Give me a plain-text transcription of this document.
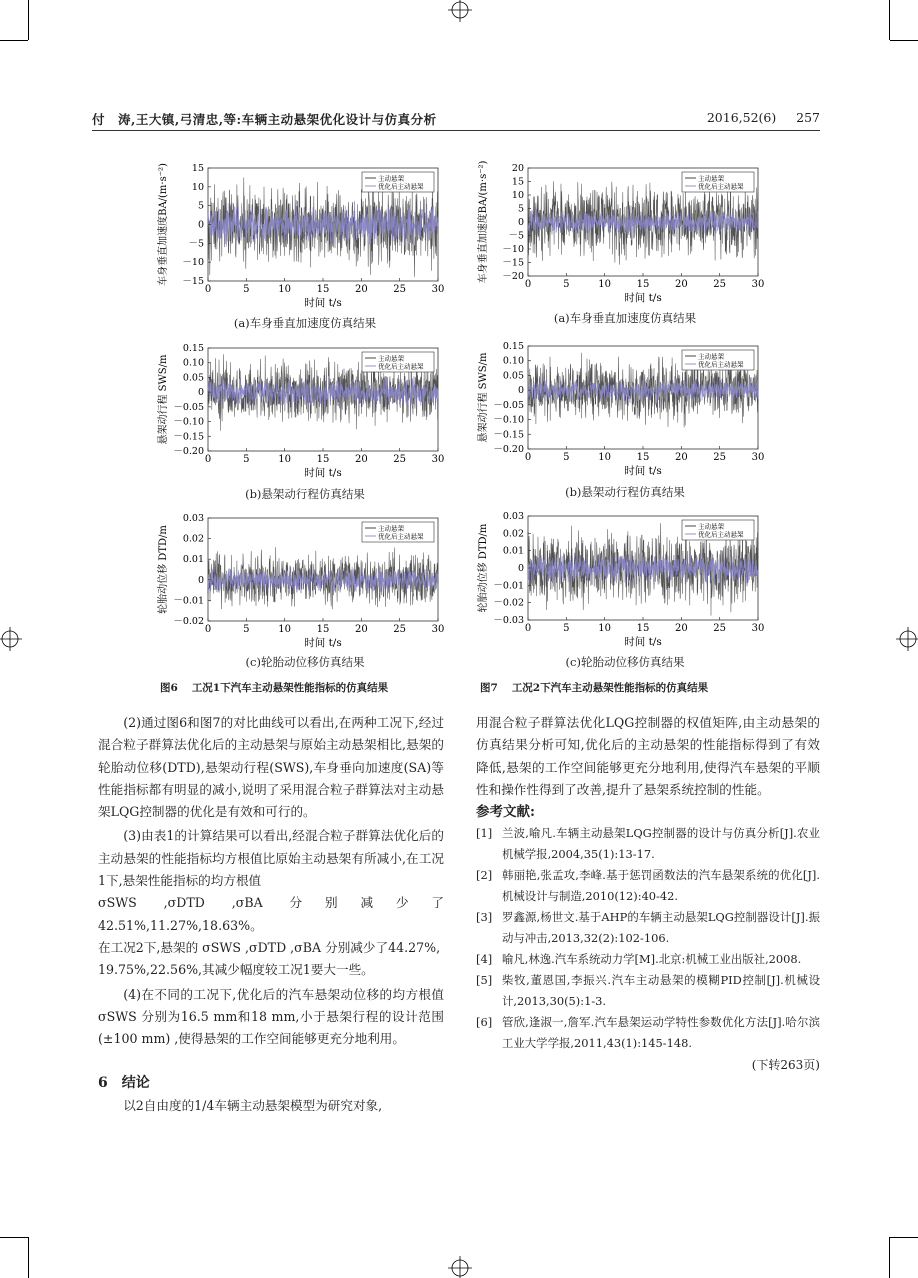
付　涛,王大镇,弓清忠,等:车辆主动悬架优化设计与仿真分析	2016,52(6) 257
0	5	10	15	20	25	30
15
10
5
0
－5
－10
－15
时间 t/s
车身垂直加速度BA/(m·s⁻²)	主动悬架
优化后主动悬架
(a)车身垂直加速度仿真结果
0	5	10	15	20	25	30
0.15
0.10
0.05
0
－0.05
－0.10
－0.15
－0.20
时间 t/s
悬架动行程 SWS/m	主动悬架
优化后主动悬架
(b)悬架动行程仿真结果
0	5	10	15	20	25	30
0.03
0.02
0.01
0
－0.01
－0.02
时间 t/s
轮胎动位移 DTD/m	主动悬架
优化后主动悬架
(c)轮胎动位移仿真结果
图6 工况1下汽车主动悬架性能指标的仿真结果
0	5	10	15	20	25	30
20
15
10
5
0
－5
－10
－15
－20
时间 t/s
车身垂直加速度BA/(m·s⁻²)	主动悬架
优化后主动悬架
(a)车身垂直加速度仿真结果
0	5	10	15	20	25	30
0.15
0.10
0.05
0
－0.05
－0.10
－0.15
－0.20
时间 t/s
悬架动行程 SWS/m	主动悬架
优化后主动悬架
(b)悬架动行程仿真结果
0	5	10	15	20	25	30
0.03
0.02
0.01
0
－0.01
－0.02
－0.03
时间 t/s
轮胎动位移 DTD/m	主动悬架
优化后主动悬架
(c)轮胎动位移仿真结果
图7 工况2下汽车主动悬架性能指标的仿真结果

(2)通过图6和图7的对比曲线可以看出,在两种工况下,经过混合粒子群算法优化后的主动悬架与原始主动悬架相比,悬架的轮胎动位移(DTD),悬架动行程(SWS),车身垂向加速度(SA)等性能指标都有明显的减小,说明了采用混合粒子群算法对主动悬架LQG控制器的优化是有效和可行的。

(3)由表1的计算结果可以看出,经混合粒子群算法优化后的主动悬架的性能指标均方根值比原始主动悬架有所减小,在工况1下,悬架性能指标的均方根值

σSWS ,σDTD ,σBA 分别减少了42.51%,11.27%,18.63%。

在工况2下,悬架的 σSWS ,σDTD ,σBA 分别减少了44.27%,

19.75%,22.56%,其减少幅度较工况1要大一些。

(4)在不同的工况下,优化后的汽车悬架动位移的均方根值 σSWS 分别为16.5 mm和18 mm,小于悬架行程的设计范围 (±100 mm) ,使得悬架的工作空间能够更充分地利用。

6　结论

以2自由度的1/4车辆主动悬架模型为研究对象,

用混合粒子群算法优化LQG控制器的权值矩阵,由主动悬架的仿真结果分析可知,优化后的主动悬架的性能指标得到了有效降低,悬架的工作空间能够更充分地利用,使得汽车悬架的平顺性和操作性得到了改善,提升了悬架系统控制的性能。

参考文献:

[1] 兰波,喻凡.车辆主动悬架LQG控制器的设计与仿真分析[J].农业机械学报,2004,35(1):13-17.
[2] 韩丽艳,张孟攻,李峰.基于惩罚函数法的汽车悬架系统的优化[J].机械设计与制造,2010(12):40-42.
[3] 罗鑫源,杨世文.基于AHP的车辆主动悬架LQG控制器设计[J].振动与冲击,2013,32(2):102-106.
[4] 喻凡,林逸.汽车系统动力学[M].北京:机械工业出版社,2008.
[5] 柴牧,董恩国,李振兴.汽车主动悬架的模糊PID控制[J].机械设计,2013,30(5):1-3.
[6] 管欣,逢淑一,詹军.汽车悬架运动学特性参数优化方法[J].哈尔滨工业大学学报,2011,43(1):145-148.

(下转263页)
